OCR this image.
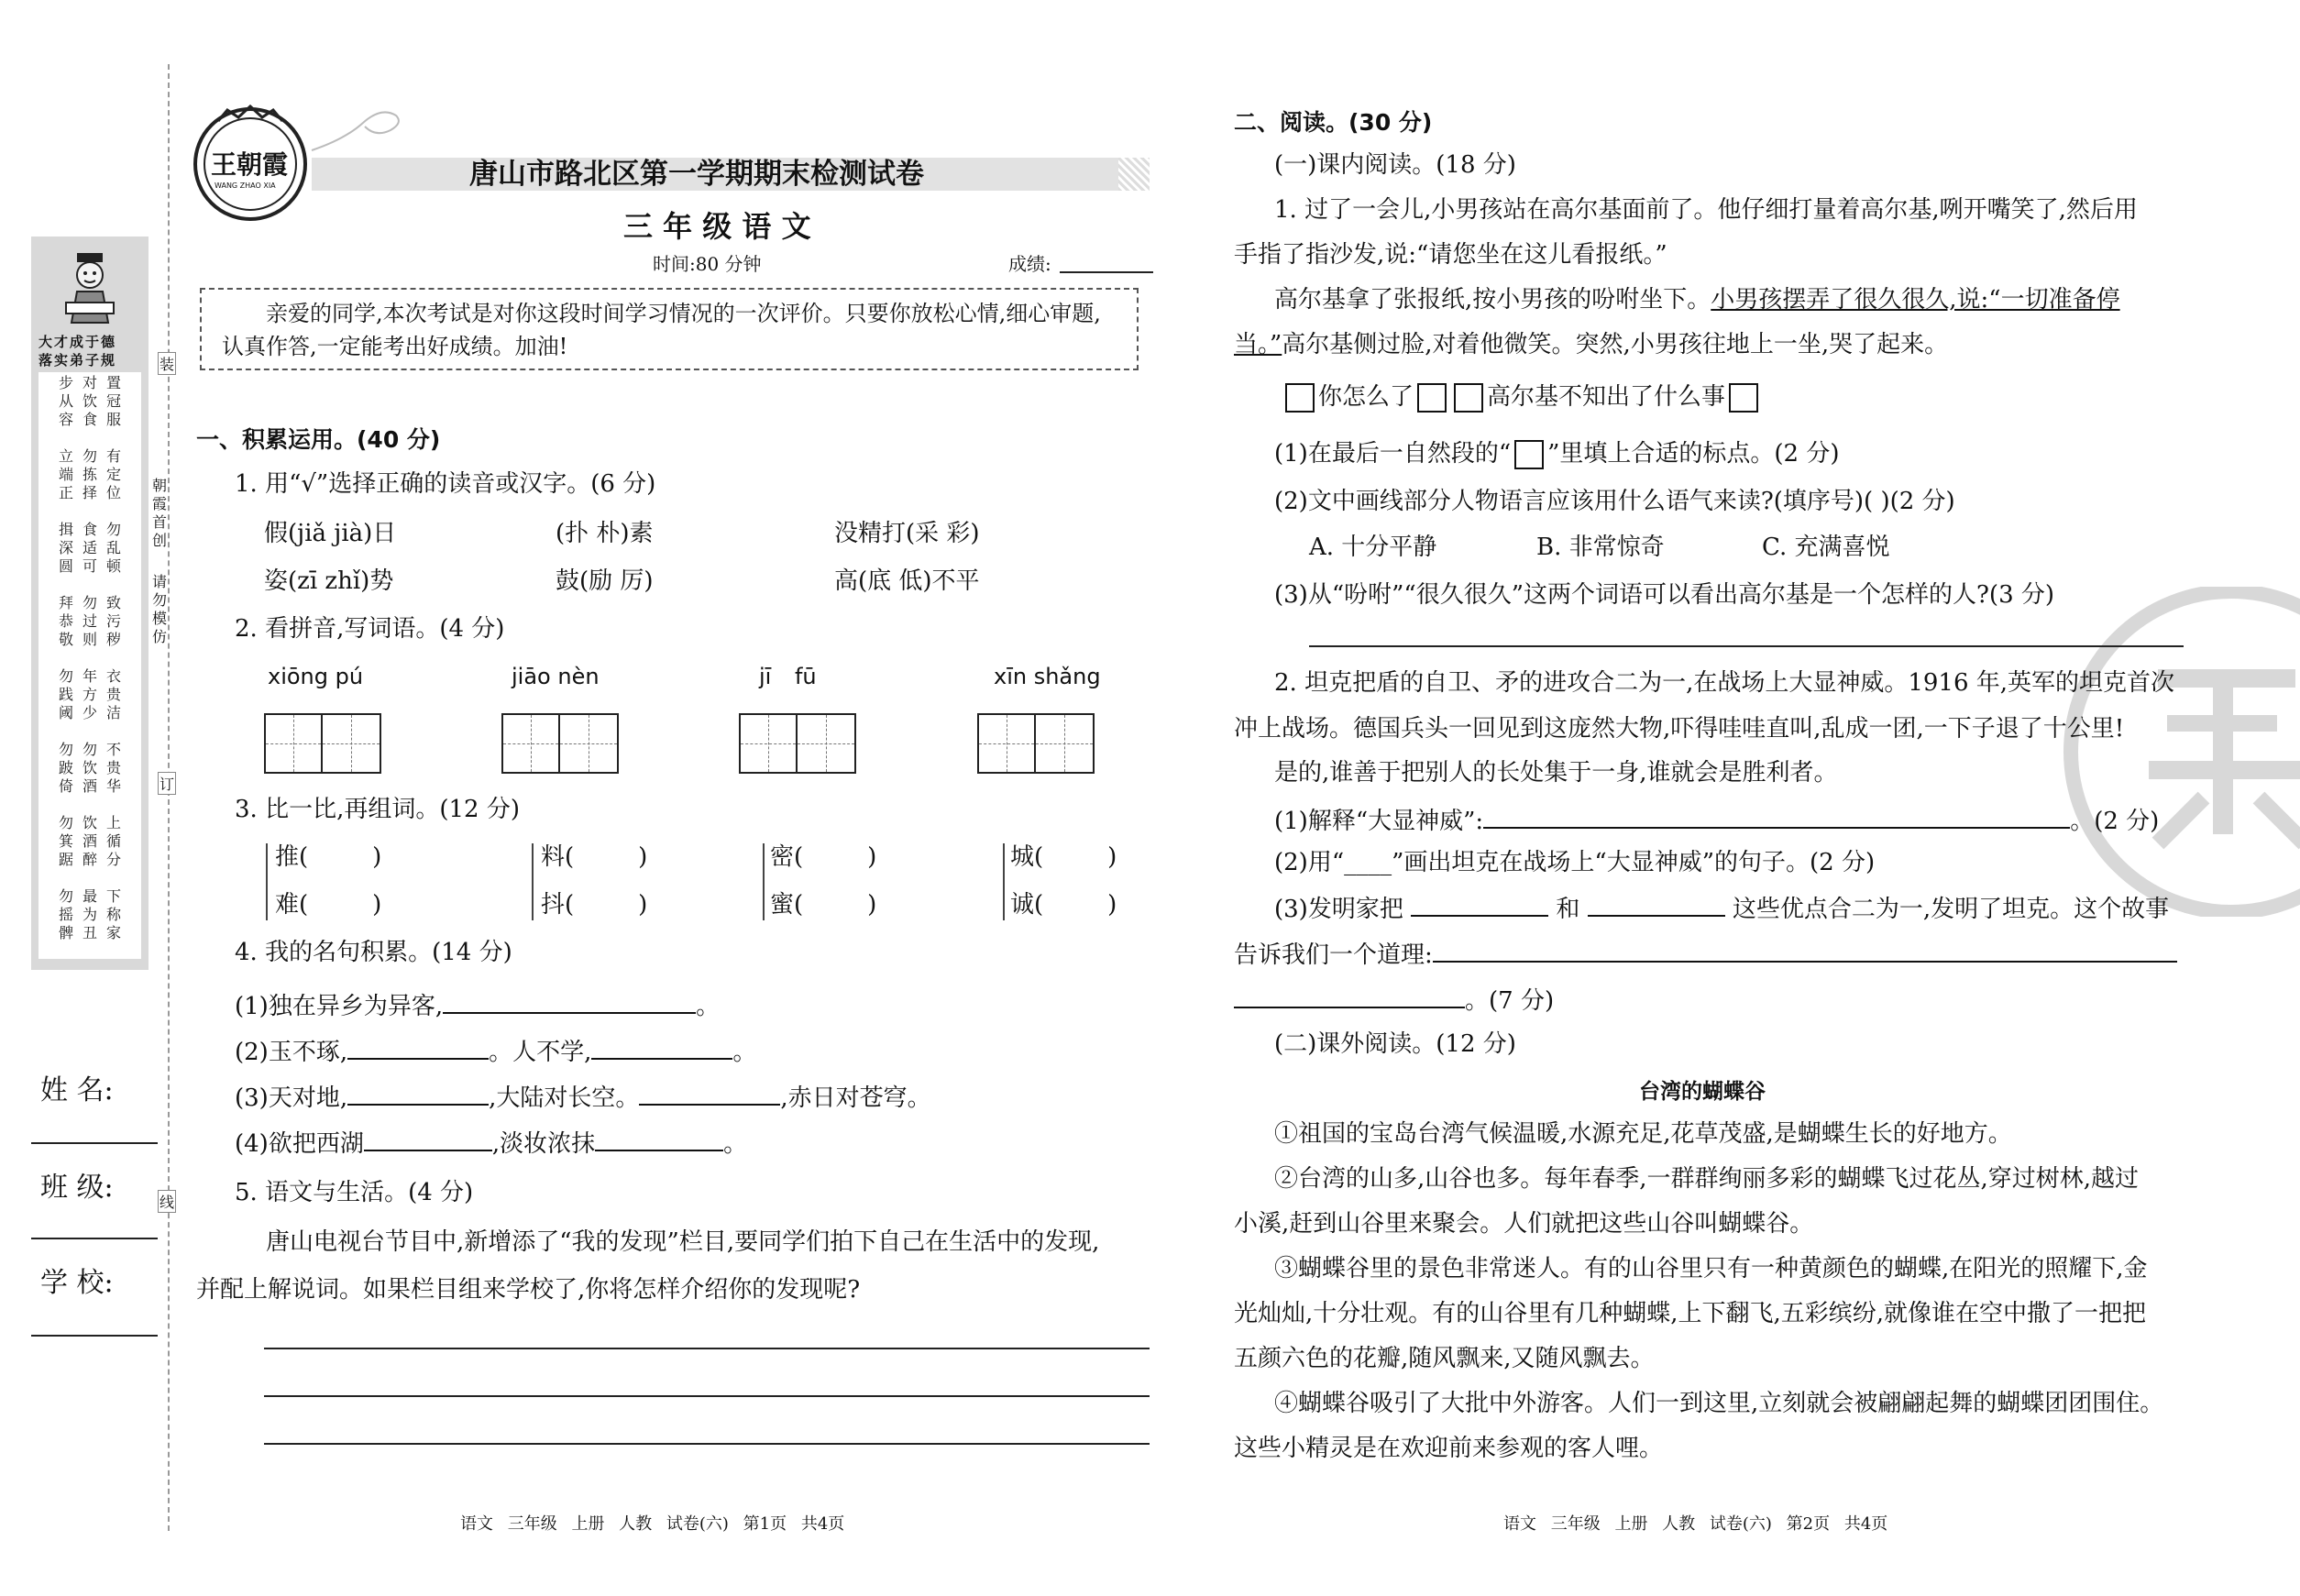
装
订
线
朝霞首创
请勿模仿
大才成于德
落实弟子规
步从容
对饮食
置冠服
立端正
勿拣择
有定位
揖深圆
食适可
勿乱顿
拜恭敬
勿过则
致污秽
勿践阈
年方少
衣贵洁
勿跛倚
勿饮酒
不贵华
勿箕踞
饮酒醉
上循分
勿摇髀
最为丑
下称家
姓 名:
班 级:
学 校:
王朝霞
WANG ZHAO XIA	唐山市路北区第一学期期末检测试卷
三 年 级 语 文
时间:80 分钟	成绩:
亲爱的同学,本次考试是对你这段时间学习情况的一次评价。只要你放松心情,细心审题,认真作答,一定能考出好成绩。加油!
一、积累运用。(40 分)
1. 用“√”选择正确的读音或汉字。(6 分)
假(jiǎ jià)日	(扑 朴)素	没精打(采 彩)
姿(zī zhǐ)势	鼓(励 厉)	高(底 低)不平
2. 看拼音,写词语。(4 分)
xiōng pú	jiāo nèn	jī fū	xīn shǎng
3. 比一比,再组词。(12 分)
推(	)	料(	)	密(	)	城(	)
难(	)	抖(	)	蜜(	)	诚(	)
4. 我的名句积累。(14 分)
(1)独在异乡为异客,	。
(2)玉不琢,	。人不学,	。
(3)天对地,	,大陆对长空。	,赤日对苍穹。
(4)欲把西湖	,淡妆浓抹	。
5. 语文与生活。(4 分)
唐山电视台节目中,新增添了“我的发现”栏目,要同学们拍下自己在生活中的发现,
并配上解说词。如果栏目组来学校了,你将怎样介绍你的发现呢?
语文 三年级 上册 人教 试卷(六) 第1页 共4页
二、阅读。(30 分)
(一)课内阅读。(18 分)
1. 过了一会儿,小男孩站在高尔基面前了。他仔细打量着高尔基,咧开嘴笑了,然后用
手指了指沙发,说:“请您坐在这儿看报纸。”
高尔基拿了张报纸,按小男孩的吩咐坐下。小男孩摆弄了很久很久,说:“一切准备停
当。”高尔基侧过脸,对着他微笑。突然,小男孩往地上一坐,哭了起来。
你怎么了	高尔基不知出了什么事
(1)在最后一自然段的“ ”里填上合适的标点。(2 分)
(2)文中画线部分人物语言应该用什么语气来读?(填序号)( )(2 分)
A. 十分平静	B. 非常惊奇	C. 充满喜悦
(3)从“吩咐”“很久很久”这两个词语可以看出高尔基是一个怎样的人?(3 分)
2. 坦克把盾的自卫、矛的进攻合二为一,在战场上大显神威。1916 年,英军的坦克首次
冲上战场。德国兵头一回见到这庞然大物,吓得哇哇直叫,乱成一团,一下子退了十公里!
是的,谁善于把别人的长处集于一身,谁就会是胜利者。
(1)解释“大显神威”:	。(2 分)
(2)用“____”画出坦克在战场上“大显神威”的句子。(2 分)
(3)发明家把	和	这些优点合二为一,发明了坦克。这个故事
告诉我们一个道理:
。(7 分)
(二)课外阅读。(12 分)
台湾的蝴蝶谷
①祖国的宝岛台湾气候温暖,水源充足,花草茂盛,是蝴蝶生长的好地方。
②台湾的山多,山谷也多。每年春季,一群群绚丽多彩的蝴蝶飞过花丛,穿过树林,越过
小溪,赶到山谷里来聚会。人们就把这些山谷叫蝴蝶谷。
③蝴蝶谷里的景色非常迷人。有的山谷里只有一种黄颜色的蝴蝶,在阳光的照耀下,金
光灿灿,十分壮观。有的山谷里有几种蝴蝶,上下翻飞,五彩缤纷,就像谁在空中撒了一把把
五颜六色的花瓣,随风飘来,又随风飘去。
④蝴蝶谷吸引了大批中外游客。人们一到这里,立刻就会被翩翩起舞的蝴蝶团团围住。
这些小精灵是在欢迎前来参观的客人哩。
语文 三年级 上册 人教 试卷(六) 第2页 共4页
